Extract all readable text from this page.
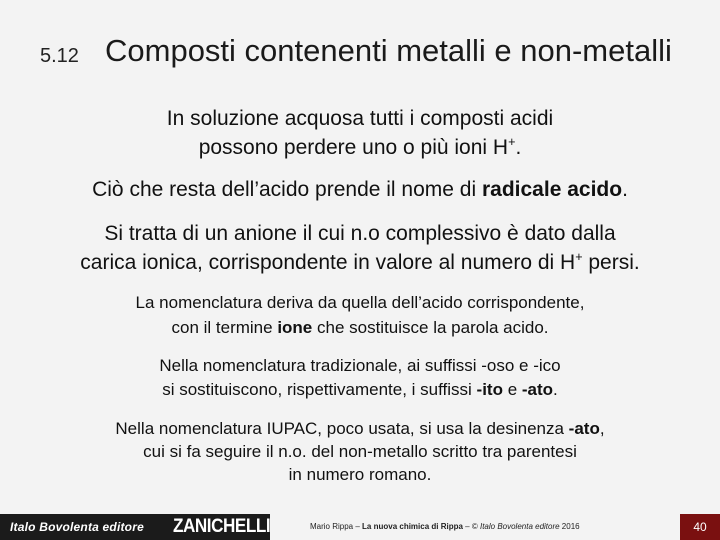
5.12 Composti contenenti metalli e non-metalli
In soluzione acquosa tutti i composti acidi
possono perdere uno o più ioni H+.
Ciò che resta dell’acido prende il nome di radicale acido.
Si tratta di un anione il cui n.o complessivo è dato dalla
carica ionica, corrispondente in valore al numero di H+ persi.
La nomenclatura deriva da quella dell’acido corrispondente,
con il termine ione che sostituisce la parola acido.
Nella nomenclatura tradizionale, ai suffissi -oso e -ico
si sostituiscono, rispettivamente, i suffissi -ito e -ato.
Nella nomenclatura IUPAC, poco usata, si usa la desinenza -ato,
cui si fa seguire il n.o. del non-metallo scritto tra parentesi
in numero romano.
Italo Bovolenta editore ZANICHELLI	Mario Rippa – La nuova chimica di Rippa – © Italo Bovolenta editore 2016	40
